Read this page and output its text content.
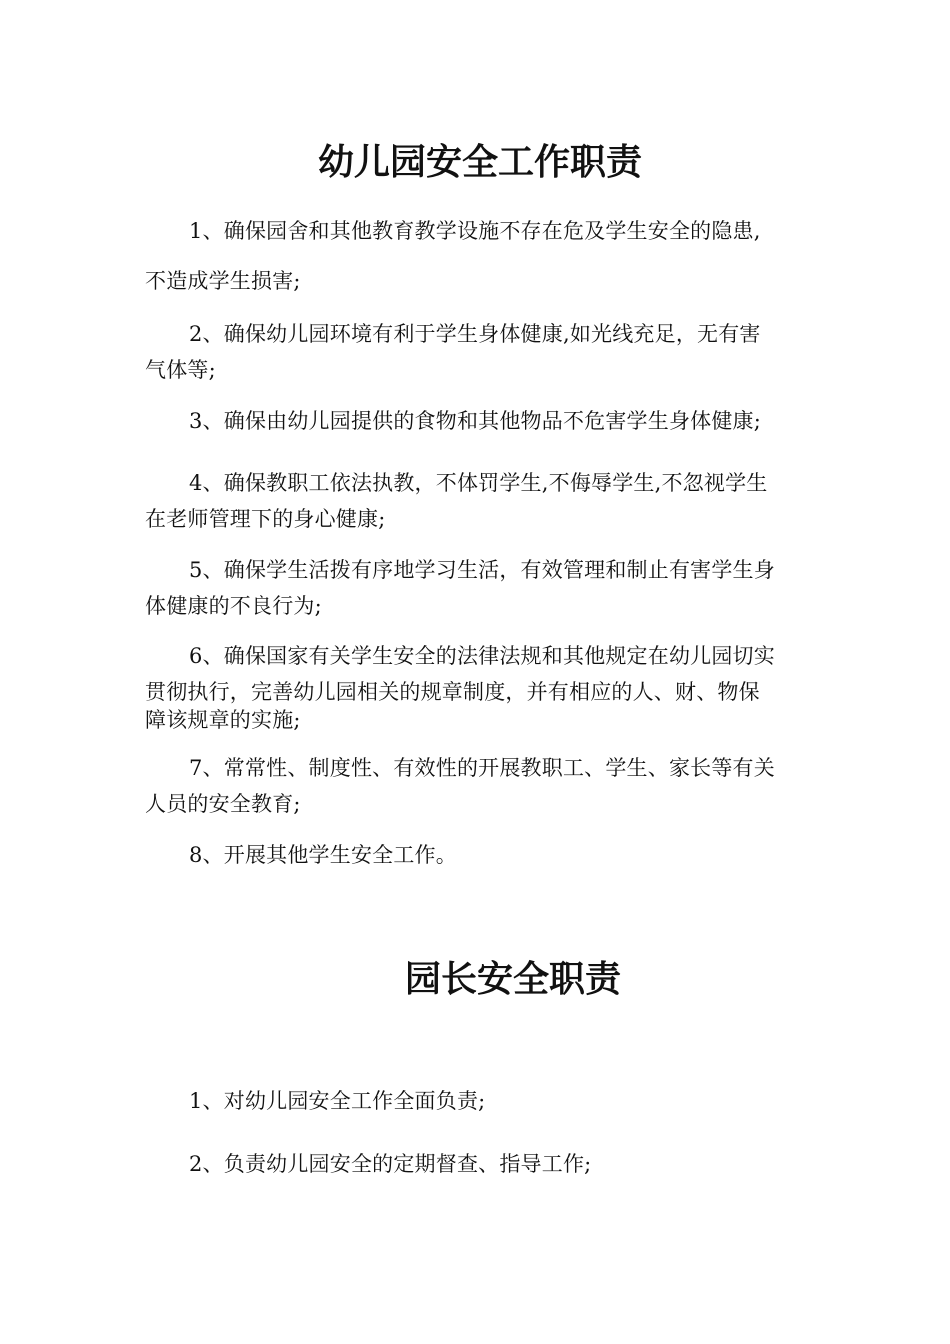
幼儿园安全工作职责

1、确保园舍和其他教育教学设施不存在危及学生安全的隐患,
不造成学生损害;

2、确保幼儿园环境有利于学生身体健康,如光线充足，无有害
气体等;

3、确保由幼儿园提供的食物和其他物品不危害学生身体健康;

4、确保教职工依法执教，不体罚学生,不侮辱学生,不忽视学生
在老师管理下的身心健康;

5、确保学生活拨有序地学习生活，有效管理和制止有害学生身
体健康的不良行为;

6、确保国家有关学生安全的法律法规和其他规定在幼儿园切实
贯彻执行，完善幼儿园相关的规章制度，并有相应的人、财、物保
障该规章的实施;

7、常常性、制度性、有效性的开展教职工、学生、家长等有关
人员的安全教育;

8、开展其他学生安全工作。

园长安全职责

1、对幼儿园安全工作全面负责;

2、负责幼儿园安全的定期督查、指导工作;
